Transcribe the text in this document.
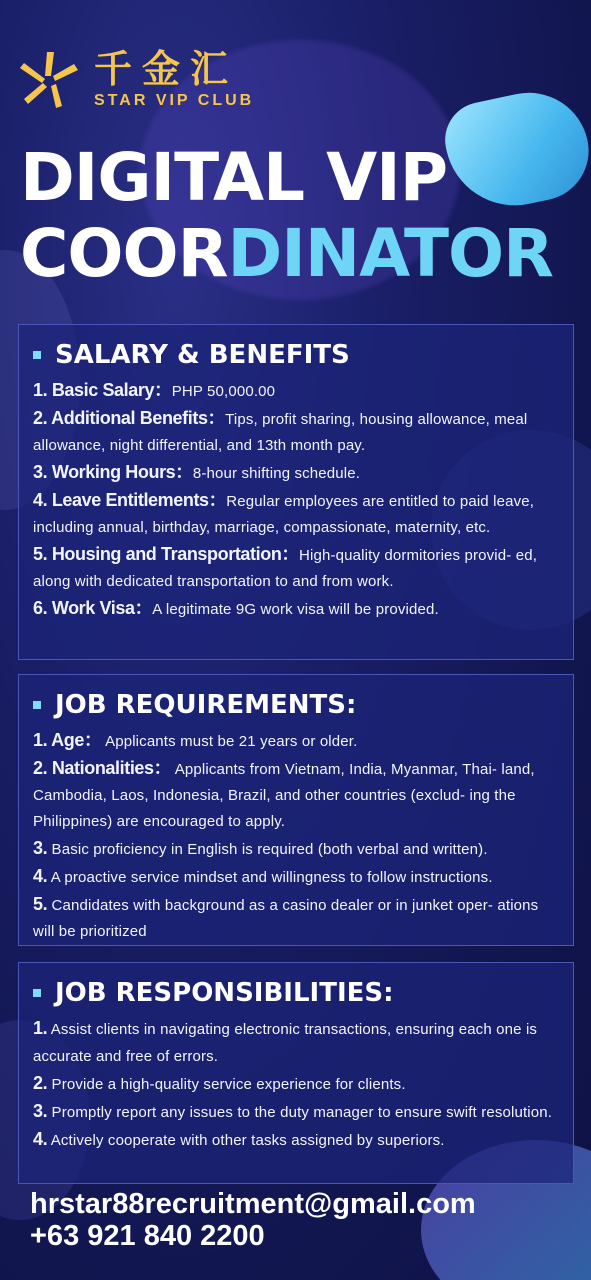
千金汇
STAR VIP CLUB
DIGITAL VIP
COORDINATOR
SALARY & BENEFITS
1. Basic Salary：PHP 50,000.00
2. Additional Benefits：Tips, profit sharing, housing allowance, meal allowance, night differential, and 13th month pay.
3. Working Hours：8-hour shifting schedule.
4. Leave Entitlements：Regular employees are entitled to paid leave, including annual, birthday, marriage, compassionate, maternity, etc.
5. Housing and Transportation：High-quality dormitories provid- ed, along with dedicated transportation to and from work.
6. Work Visa：A legitimate 9G work visa will be provided.
JOB REQUIREMENTS:
1. Age： Applicants must be 21 years or older.
2. Nationalities： Applicants from Vietnam, India, Myanmar, Thai- land, Cambodia, Laos, Indonesia, Brazil, and other countries (exclud- ing the Philippines) are encouraged to apply.
3. Basic proficiency in English is required (both verbal and written).
4. A proactive service mindset and willingness to follow instructions.
5. Candidates with background as a casino dealer or in junket oper- ations will be prioritized
JOB RESPONSIBILITIES:
1. Assist clients in navigating electronic transactions, ensuring each one is accurate and free of errors.
2. Provide a high-quality service experience for clients.
3. Promptly report any issues to the duty manager to ensure swift resolution.
4. Actively cooperate with other tasks assigned by superiors.
hrstar88recruitment@gmail.com
+63 921 840 2200
